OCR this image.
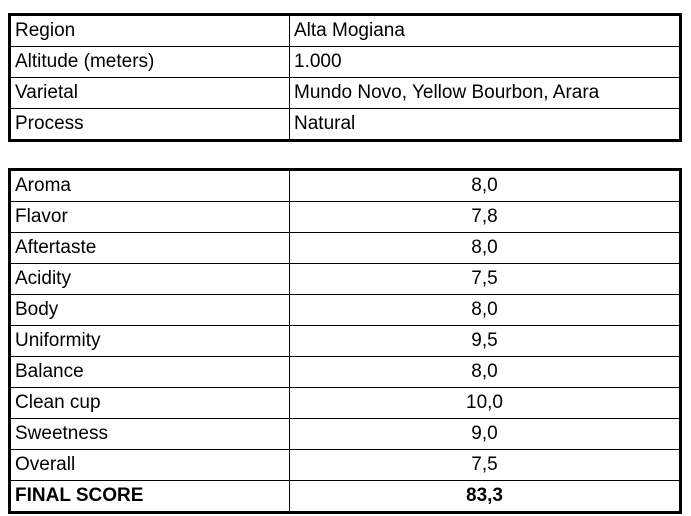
Region	Alta Mogiana
Altitude (meters)	1.000
Varietal	Mundo Novo, Yellow Bourbon, Arara
Process	Natural
Aroma	8,0
Flavor	7,8
Aftertaste	8,0
Acidity	7,5
Body	8,0
Uniformity	9,5
Balance	8,0
Clean cup	10,0
Sweetness	9,0
Overall	7,5
FINAL SCORE	83,3
